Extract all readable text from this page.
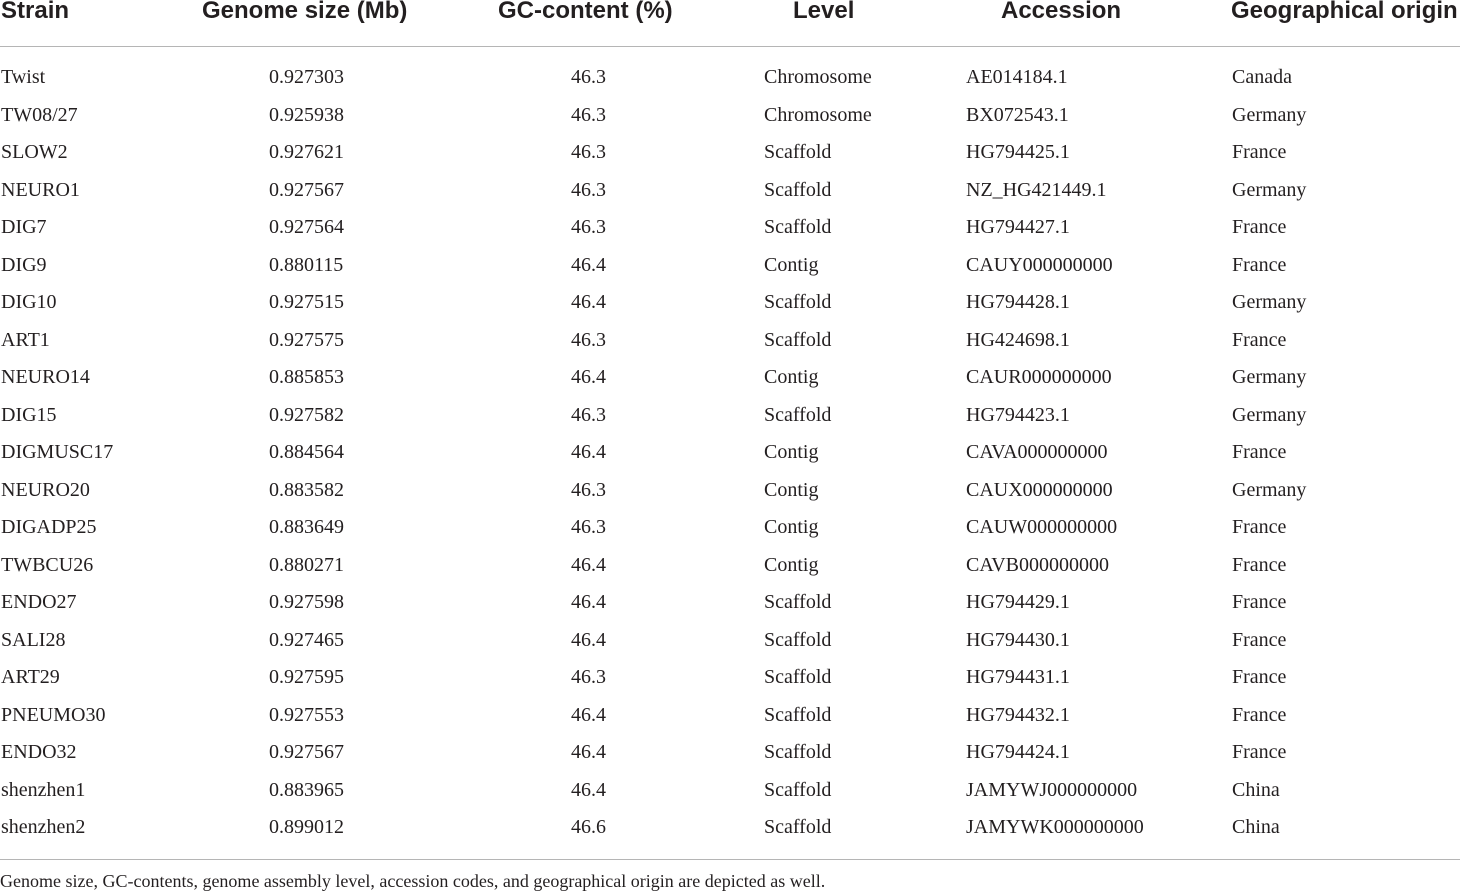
Strain	Genome size (Mb)	GC-content (%)	Level	Accession	Geographical origin
Twist	0.927303	46.3	Chromosome	AE014184.1	Canada
TW08/27	0.925938	46.3	Chromosome	BX072543.1	Germany
SLOW2	0.927621	46.3	Scaffold	HG794425.1	France
NEURO1	0.927567	46.3	Scaffold	NZ_HG421449.1	Germany
DIG7	0.927564	46.3	Scaffold	HG794427.1	France
DIG9	0.880115	46.4	Contig	CAUY000000000	France
DIG10	0.927515	46.4	Scaffold	HG794428.1	Germany
ART1	0.927575	46.3	Scaffold	HG424698.1	France
NEURO14	0.885853	46.4	Contig	CAUR000000000	Germany
DIG15	0.927582	46.3	Scaffold	HG794423.1	Germany
DIGMUSC17	0.884564	46.4	Contig	CAVA000000000	France
NEURO20	0.883582	46.3	Contig	CAUX000000000	Germany
DIGADP25	0.883649	46.3	Contig	CAUW000000000	France
TWBCU26	0.880271	46.4	Contig	CAVB000000000	France
ENDO27	0.927598	46.4	Scaffold	HG794429.1	France
SALI28	0.927465	46.4	Scaffold	HG794430.1	France
ART29	0.927595	46.3	Scaffold	HG794431.1	France
PNEUMO30	0.927553	46.4	Scaffold	HG794432.1	France
ENDO32	0.927567	46.4	Scaffold	HG794424.1	France
shenzhen1	0.883965	46.4	Scaffold	JAMYWJ000000000	China
shenzhen2	0.899012	46.6	Scaffold	JAMYWK000000000	China
Genome size, GC-contents, genome assembly level, accession codes, and geographical origin are depicted as well.
